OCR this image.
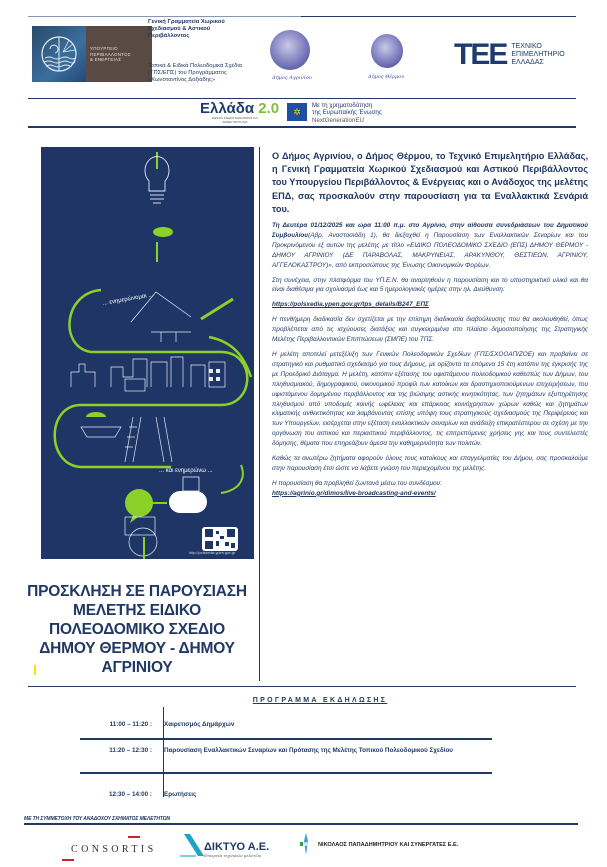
ΥΠΟΥΡΓΕΙΟ
ΠΕΡΙΒΑΛΛΟΝΤΟΣ
& ΕΝΕΡΓΕΙΑΣ
Γενική Γραμματεία Χωρικού Σχεδιασμού & Αστικού Περιβάλλοντος
Τοπικά & Ειδικά Πολεοδομικά Σχέδια (ΤΠΣ/ΕΠΣ) του Προγράμματος «Κωνσταντίνος Δοξιάδης»	Δήμος Αγρινίου	Δήμος Θέρμου
TEE ΤΕΧΝΙΚΟ
ΕΠΙΜΕΛΗΤΗΡΙΟ
ΕΛΛΑΔΑΣ
Ελλάδα 2.0
ΕΘΝΙΚΟ ΣΧΕΔΙΟ ΑΝΑΚΑΜΨΗΣ ΚΑΙ ΑΝΘΕΚΤΙΚΟΤΗΤΑΣ
✲
Με τη χρηματοδότηση
της Ευρωπαϊκής Ένωσης
NextGenerationEU
... ενημερώνομαι ...
... και ενημερώνω ...
http://polsxedia.ypen.gov.gr
ΠΡΟΣΚΛΗΣΗ ΣΕ ΠΑΡΟΥΣΙΑΣΗ ΜΕΛΕΤΗΣ ΕΙΔΙΚΟ ΠΟΛΕΟΔΟΜΙΚΟ ΣΧΕΔΙΟ ΔΗΜΟΥ ΘΕΡΜΟΥ - ΔΗΜΟΥ ΑΓΡΙΝΙΟΥ

Ο Δήμος Αγρινίου, ο Δήμος Θέρμου, το Τεχνικό Επιμελητήριο Ελλάδας, η Γενική Γραμματεία Χωρικού Σχεδιασμού και Αστικού Περιβάλλοντος του Υπουργείου Περιβάλλοντος & Ενέργειας και ο Ανάδοχος της μελέτης ΕΠΔ, σας προσκαλούν στην παρουσίαση για τα Εναλλακτικά Σενάριά του.

Τη Δευτέρα 01/12/2025 και ώρα 11:00 π.μ. στο Αγρίνιο, στην αίθουσα συνεδριάσεων του Δημοτικού Συμβουλίου(Αβρ. Αναστασιάδη 1), θα διεξαχθεί η Παρουσίαση των Εναλλακτικών Σεναρίων και του Προκρινόμενου εξ αυτών της μελέτης με τίτλο «ΕΙΔΙΚΟ ΠΟΛΕΟΔΟΜΙΚΟ ΣΧΕΔΙΟ (ΕΠΣ) ΔΗΜΟΥ ΘΕΡΜΟΥ - ΔΗΜΟΥ ΑΓΡΙΝΙΟΥ (ΔΕ ΠΑΡΑΒΟΛΑΣ, ΜΑΚΡΥΝΕΙΑΣ, ΑΡΑΚΥΝΘΟΥ, ΘΕΣΤΙΕΩΝ, ΑΓΡΙΝΙΟΥ, ΑΓΓΕΛΟΚΑΣΤΡΟΥ)», από εκπροσώπους της Ένωσης Οικονομικών Φορέων.

Στη συνέχεια, στην πλατφόρμα του ΥΠ.Ε.Ν. θα αναρτηθούν η παρουσίαση και το υποστηρικτικό υλικό και θα είναι διαθέσιμα για σχολιασμό έως και 5 ημερολογιακές ημέρες στην ηλ. Διεύθυνση:

https://polsxedia.ypen.gov.gr/tps_details/B247_ΕΠΣ

Η πενθήμερη διαδικασία δεν σχετίζεται με την επίσημη διαδικασία διαβούλευσης που θα ακολουθηθεί, όπως προβλέπεται από τις ισχύουσες διατάξεις και συγκεκριμένα στο πλαίσιο δημοσιοποίησης της Στρατηγικής Μελέτης Περιβαλλοντικών Επιπτώσεων (ΣΜΠΕ) του ΤΠΣ.

Η μελέτη αποτελεί μετεξέλιξη των Γενικών Πολεοδομικών Σχεδίων (ΓΠΣ/ΣΧΟΟΑΠ/ΖΟΕ) και προβαίνει σε στρατηγικό και ρυθμιστικό σχεδιασμό για τους Δήμους, με ορίζοντα τα επόμενα 15 έτη κατόπιν της έγκρισής της με Προεδρικό Διάταγμα. Η μελέτη, κατόπιν εξέτασης του υφιστάμενου πολεοδομικού καθεστώς των Δήμων, του πληθυσμιακού, δημογραφικού, οικονομικού προφίλ των κατοίκων και δραστηριοποιούμενων επιχειρήσεων, του υφιστάμενου δομημένου περιβάλλοντος και της βιώσιμης αστικής κινητικότητας, των ζητημάτων εξυπηρέτησης πληθυσμού από υποδομές κοινής ωφέλειας και επάρκειας κοινόχρηστων χώρων καθώς και ζητημάτων κλιματικής ανθεκτικότητας και λαμβάνοντας επίσης υπόψη τους στρατηγικούς σχεδιασμούς της Περιφέρειας και των Υπουργείων, εισέρχεται στην εξέταση εναλλακτικών σεναρίων και ανάδειξη επικρατέστερου σε σχέση με την οργάνωση του αστικού και περιαστικού περιβάλλοντος, τις επιτρεπόμενες χρήσεις γης και τους συντελεστές δόμησης, θέματα που επηρεάζουν άμεσα την καθημερινότητα των πολιτών.

Καθώς τα ανωτέρω ζητήματα αφορούν όλους τους κατοίκους και επαγγελματίες του Δήμου, σας προσκαλούμε στην παρουσίαση έτσι ώστε να λάβετε γνώση του περιεχομένου της μελέτης.

Η παρουσίαση θα προβληθεί ζωντανά μέσω του συνδέσμου:

https://agrinio.gr/dimos/live-broadcasting-and-events/

ΠΡΟΓΡΑΜΜΑ ΕΚΔΗΛΩΣΗΣ
11:00 – 11:20 :	Χαιρετισμός Δημάρχων
11:20 – 12:30 :	Παρουσίαση Εναλλακτικών Σεναρίων και Πρότασης της Μελέτης Τοπικού Πολεοδομικού Σχεδίου
12:30 – 14:00 :	Ερωτήσεις
ΜΕ ΤΗ ΣΥΜΜΕΤΟΧΗ ΤΟΥ ΑΝΑΔΟΧΟΥ ΣΧΗΜΑΤΟΣ ΜΕΛΕΤΗΤΩΝ
CONSORTIS	ΔΙΚΤΥΟ Α.Ε.
Εταιρεία τεχνικών μελετών
ΝΙΚΟΛΑΟΣ ΠΑΠΑΔΗΜΗΤΡΙΟΥ ΚΑΙ ΣΥΝΕΡΓΑΤΕΣ Ε.Ε.
